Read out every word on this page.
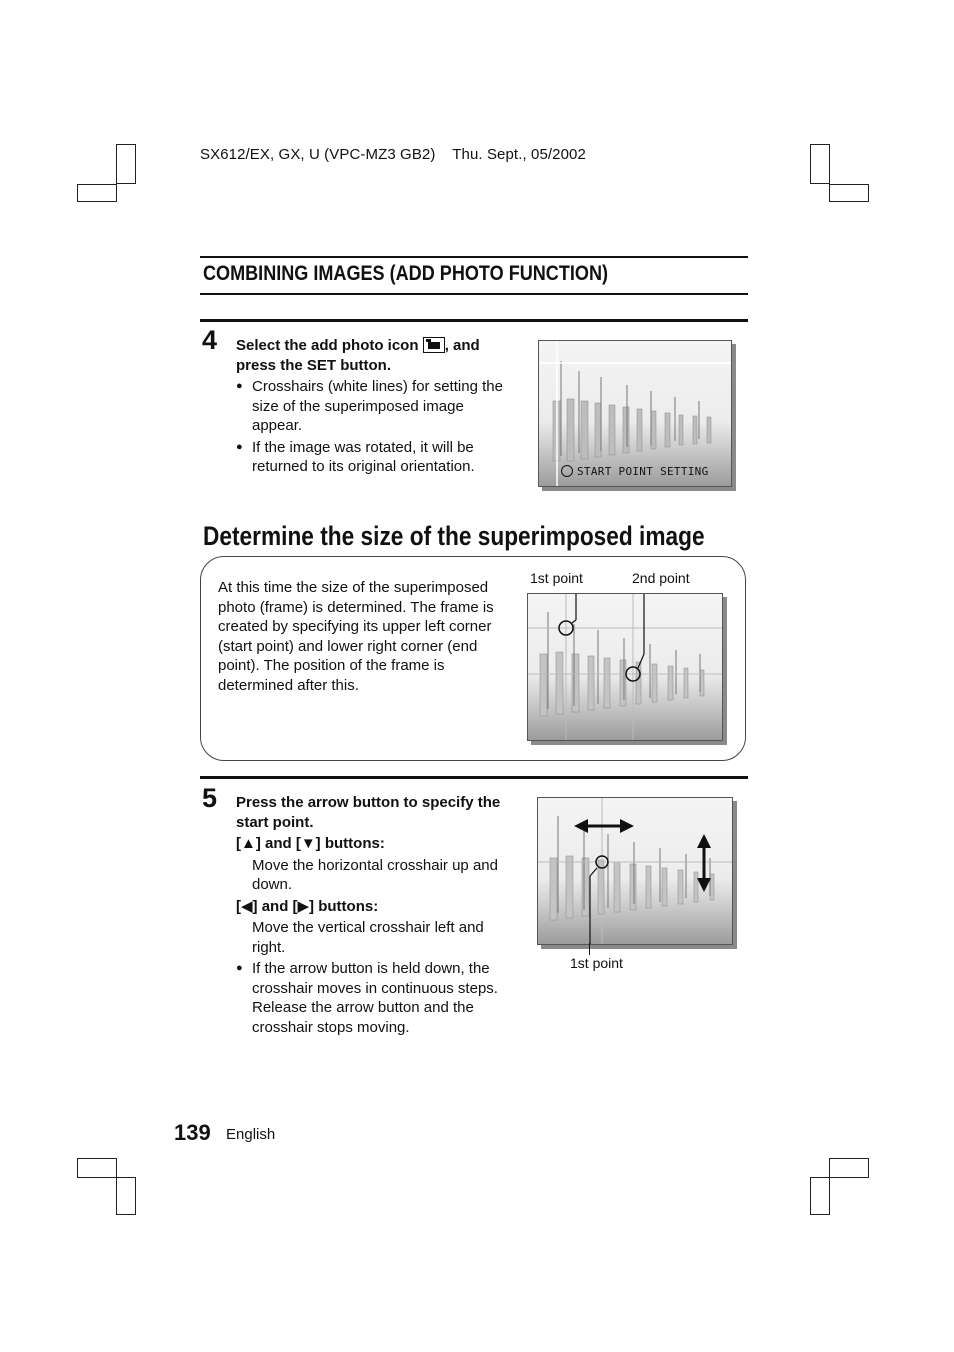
SX612/EX, GX, U (VPC-MZ3 GB2)    Thu. Sept., 05/2002
COMBINING IMAGES (ADD PHOTO FUNCTION)
4 Select the add photo icon , and press the SET button.
● Crosshairs (white lines) for setting the size of the superimposed image appear.
● If the image was rotated, it will be returned to its original orientation.	START POINT SETTING
Determine the size of the superimposed image
At this time the size of the superimposed photo (frame) is determined. The frame is created by specifying its upper left corner (start point) and lower right corner (end point). The position of the frame is determined after this.
1st point	2nd point
5 Press the arrow button to specify the start point.
[▲] and [▼] buttons:
Move the horizontal crosshair up and down.
[◀] and [▶] buttons:
Move the vertical crosshair left and right.
● If the arrow button is held down, the crosshair moves in continuous steps. Release the arrow button and the crosshair stops moving.
1st point
139 English
